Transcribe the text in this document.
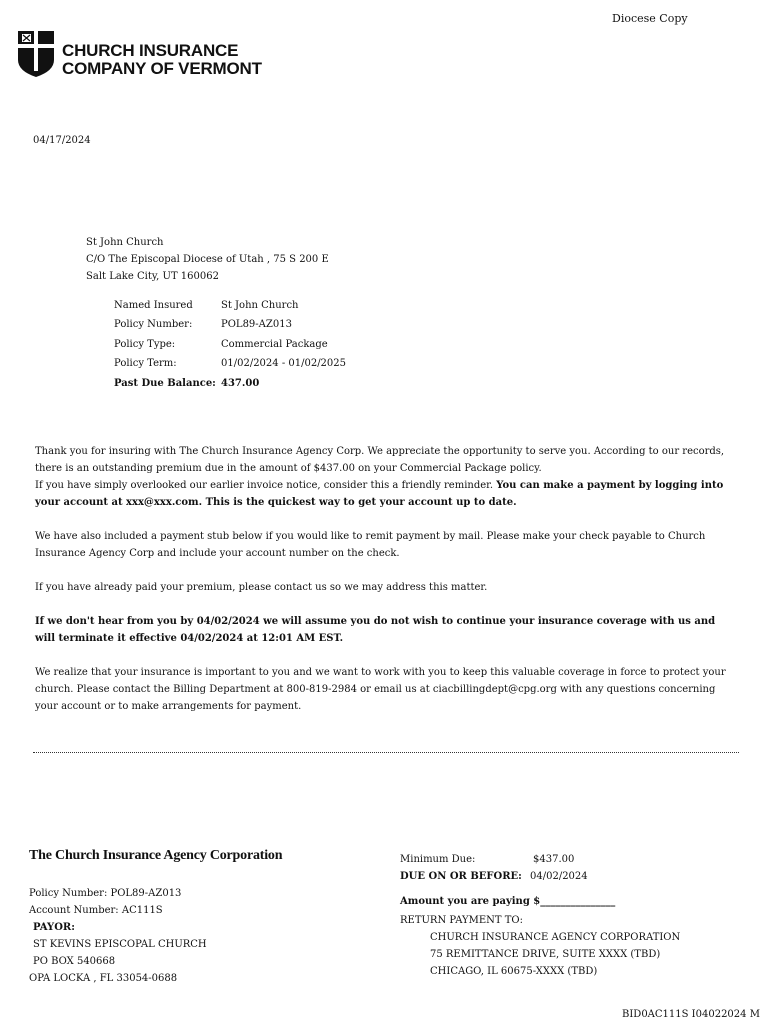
Diocese Copy
CHURCH INSURANCE
COMPANY OF VERMONT
04/17/2024
St John Church
C/O The Episcopal Diocese of Utah , 75 S 200 E
Salt Lake City, UT 160062
Named Insured	St John Church
Policy Number:	POL89-AZ013
Policy Type:	Commercial Package
Policy Term:	01/02/2024 - 01/02/2025
Past Due Balance:	437.00

Thank you for insuring with The Church Insurance Agency Corp. We appreciate the opportunity to serve you. According to our records, there is an outstanding premium due in the amount of $437.00 on your Commercial Package policy.
If you have simply overlooked our earlier invoice notice, consider this a friendly reminder. You can make a payment by logging into your account at xxx@xxx.com. This is the quickest way to get your account up to date.

We have also included a payment stub below if you would like to remit payment by mail. Please make your check payable to Church Insurance Agency Corp and include your account number on the check.

If you have already paid your premium, please contact us so we may address this matter.

If we don't hear from you by 04/02/2024 we will assume you do not wish to continue your insurance coverage with us and will terminate it effective 04/02/2024 at 12:01 AM EST.

We realize that your insurance is important to you and we want to work with you to keep this valuable coverage in force to protect your church. Please contact the Billing Department at 800-819-2984 or email us at ciacbillingdept@cpg.org with any questions concerning your account or to make arrangements for payment.

The Church Insurance Agency Corporation
Policy Number: POL89-AZ013
Account Number: AC111S
PAYOR:
ST KEVINS EPISCOPAL CHURCH
PO BOX 540668
OPA LOCKA , FL 33054-0688
Minimum Due:	$437.00
DUE ON OR BEFORE: 04/02/2024
Amount you are paying $_______________
RETURN PAYMENT TO:
CHURCH INSURANCE AGENCY CORPORATION
75 REMITTANCE DRIVE, SUITE XXXX (TBD)
CHICAGO, IL 60675-XXXX (TBD)
BID0AC111S I04022024 M
